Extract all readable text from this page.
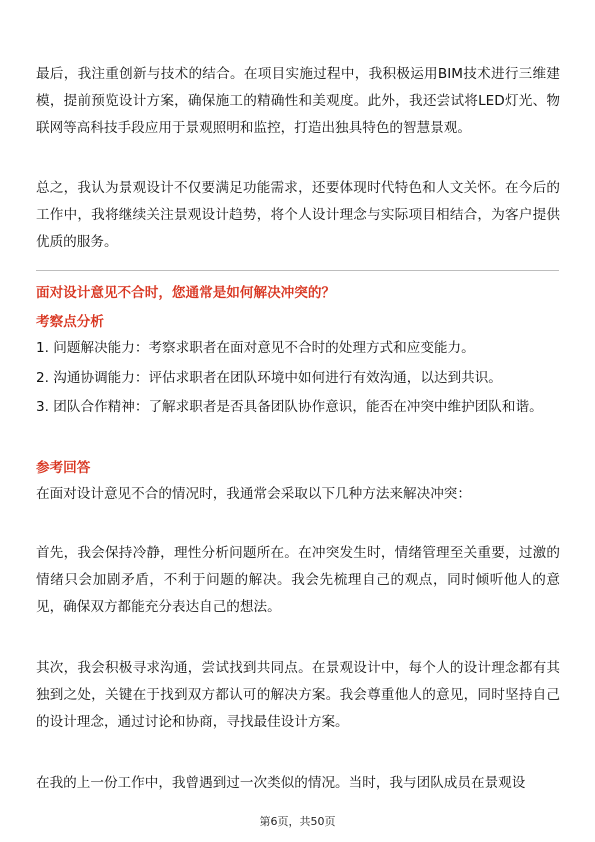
最后，我注重创新与技术的结合。在项目实施过程中，我积极运用BIM技术进行三维建模，提前预览设计方案，确保施工的精确性和美观度。此外，我还尝试将LED灯光、物联网等高科技手段应用于景观照明和监控，打造出独具特色的智慧景观。

总之，我认为景观设计不仅要满足功能需求，还要体现时代特色和人文关怀。在今后的工作中，我将继续关注景观设计趋势，将个人设计理念与实际项目相结合，为客户提供优质的服务。

面对设计意见不合时，您通常是如何解决冲突的？

考察点分析

1. 问题解决能力：考察求职者在面对意见不合时的处理方式和应变能力。

2. 沟通协调能力：评估求职者在团队环境中如何进行有效沟通，以达到共识。

3. 团队合作精神：了解求职者是否具备团队协作意识，能否在冲突中维护团队和谐。

参考回答

在面对设计意见不合的情况时，我通常会采取以下几种方法来解决冲突：

首先，我会保持冷静，理性分析问题所在。在冲突发生时，情绪管理至关重要，过激的情绪只会加剧矛盾，不利于问题的解决。我会先梳理自己的观点，同时倾听他人的意见，确保双方都能充分表达自己的想法。

其次，我会积极寻求沟通，尝试找到共同点。在景观设计中，每个人的设计理念都有其独到之处，关键在于找到双方都认可的解决方案。我会尊重他人的意见，同时坚持自己的设计理念，通过讨论和协商，寻找最佳设计方案。

在我的上一份工作中，我曾遇到过一次类似的情况。当时，我与团队成员在景观设

第6页，共50页
